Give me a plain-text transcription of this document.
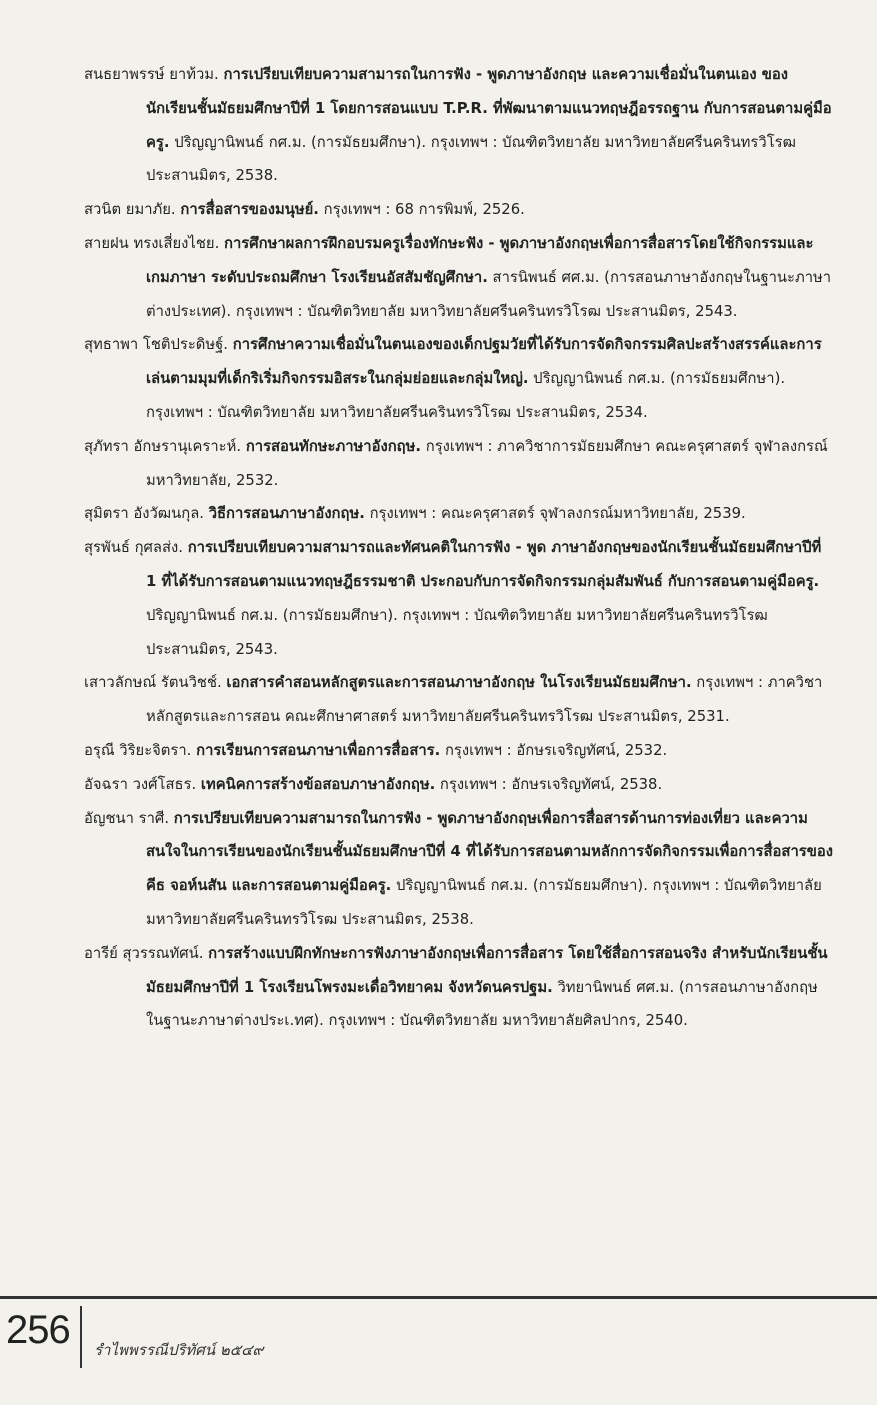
สนธยาพรรษ์ ยาท้วม. การเปรียบเทียบความสามารถในการฟัง - พูดภาษาอังกฤษ และความเชื่อมั่นในตนเอง ของนักเรียนชั้นมัธยมศึกษาปีที่ 1 โดยการสอนแบบ T.P.R. ที่พัฒนาตามแนวทฤษฎีอรรถฐาน กับการสอนตามคู่มือครู. ปริญญานิพนธ์ กศ.ม. (การมัธยมศึกษา). กรุงเทพฯ : บัณฑิตวิทยาลัย มหาวิทยาลัยศรีนครินทรวิโรฒ ประสานมิตร, 2538.

สวนิต ยมาภัย. การสื่อสารของมนุษย์. กรุงเทพฯ : 68 การพิมพ์, 2526.

สายฝน ทรงเสี่ยงไชย. การศึกษาผลการฝึกอบรมครูเรื่องทักษะฟัง - พูดภาษาอังกฤษเพื่อการสื่อสารโดยใช้กิจกรรมและเกมภาษา ระดับประถมศึกษา โรงเรียนอัสสัมชัญศึกษา. สารนิพนธ์ ศศ.ม. (การสอนภาษาอังกฤษในฐานะภาษาต่างประเทศ). กรุงเทพฯ : บัณฑิตวิทยาลัย มหาวิทยาลัยศรีนครินทรวิโรฒ ประสานมิตร, 2543.

สุทธาพา โชติประดิษฐ์. การศึกษาความเชื่อมั่นในตนเองของเด็กปฐมวัยที่ได้รับการจัดกิจกรรมศิลปะสร้างสรรค์และการเล่นตามมุมที่เด็กริเริ่มกิจกรรมอิสระในกลุ่มย่อยและกลุ่มใหญ่. ปริญญานิพนธ์ กศ.ม. (การมัธยมศึกษา). กรุงเทพฯ : บัณฑิตวิทยาลัย มหาวิทยาลัยศรีนครินทรวิโรฒ ประสานมิตร, 2534.

สุภัทรา อักษรานุเคราะห์. การสอนทักษะภาษาอังกฤษ. กรุงเทพฯ : ภาควิชาการมัธยมศึกษา คณะครุศาสตร์ จุฬาลงกรณ์มหาวิทยาลัย, 2532.

สุมิตรา อังวัฒนกุล. วิธีการสอนภาษาอังกฤษ. กรุงเทพฯ : คณะครุศาสตร์ จุฬาลงกรณ์มหาวิทยาลัย, 2539.

สุรพันธ์ กุศลส่ง. การเปรียบเทียบความสามารถและทัศนคติในการฟัง - พูด ภาษาอังกฤษของนักเรียนชั้นมัธยมศึกษาปีที่ 1 ที่ได้รับการสอนตามแนวทฤษฎีธรรมชาติ ประกอบกับการจัดกิจกรรมกลุ่มสัมพันธ์ กับการสอนตามคู่มือครู. ปริญญานิพนธ์ กศ.ม. (การมัธยมศึกษา). กรุงเทพฯ : บัณฑิตวิทยาลัย มหาวิทยาลัยศรีนครินทรวิโรฒ ประสานมิตร, 2543.

เสาวลักษณ์ รัตนวิชช์. เอกสารคำสอนหลักสูตรและการสอนภาษาอังกฤษ ในโรงเรียนมัธยมศึกษา. กรุงเทพฯ : ภาควิชาหลักสูตรและการสอน คณะศึกษาศาสตร์ มหาวิทยาลัยศรีนครินทรวิโรฒ ประสานมิตร, 2531.

อรุณี วิริยะจิตรา. การเรียนการสอนภาษาเพื่อการสื่อสาร. กรุงเทพฯ : อักษรเจริญทัศน์, 2532.

อัจฉรา วงศ์โสธร. เทคนิคการสร้างข้อสอบภาษาอังกฤษ. กรุงเทพฯ : อักษรเจริญทัศน์, 2538.

อัญชนา ราศี. การเปรียบเทียบความสามารถในการฟัง - พูดภาษาอังกฤษเพื่อการสื่อสารด้านการท่องเที่ยว และความสนใจในการเรียนของนักเรียนชั้นมัธยมศึกษาปีที่ 4 ที่ได้รับการสอนตามหลักการจัดกิจกรรมเพื่อการสื่อสารของ คีธ จอห์นสัน และการสอนตามคู่มือครู. ปริญญานิพนธ์ กศ.ม. (การมัธยมศึกษา). กรุงเทพฯ : บัณฑิตวิทยาลัย มหาวิทยาลัยศรีนครินทรวิโรฒ ประสานมิตร, 2538.

อารีย์ สุวรรณทัศน์. การสร้างแบบฝึกทักษะการฟังภาษาอังกฤษเพื่อการสื่อสาร โดยใช้สื่อการสอนจริง สำหรับนักเรียนชั้นมัธยมศึกษาปีที่ 1 โรงเรียนโพรงมะเดื่อวิทยาคม จังหวัดนครปฐม. วิทยานิพนธ์ ศศ.ม. (การสอนภาษาอังกฤษในฐานะภาษาต่างประเ.ทศ). กรุงเทพฯ : บัณฑิตวิทยาลัย มหาวิทยาลัยศิลปากร, 2540.

256 รำไพพรรณีปริทัศน์ ๒๕๔๙
